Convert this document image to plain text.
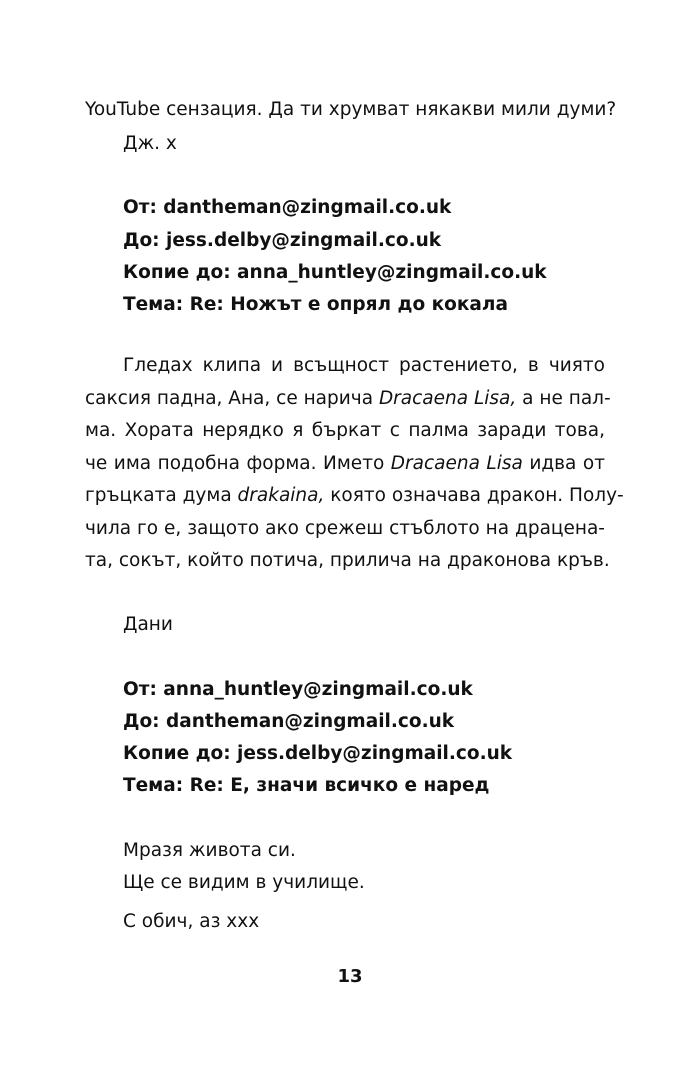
YouTube сензация. Да ти хрумват някакви мили думи?
Дж. х
От: dantheman@zingmail.co.uk
До: jess.delby@zingmail.co.uk
Копие до: anna_huntley@zingmail.co.uk
Тема: Re: Ножът е опрял до кокала
Гледах клипа и всъщност растението, в чиято
саксия падна, Ана, се нарича Dracaena Lisa, а не пал-
ма. Хората нерядко я бъркат с палма заради това,
че има подобна форма. Името Dracaena Lisa идва от
гръцката дума drakaina, която означава дракон. Полу-
чила го е, защото ако срежеш стъблото на драцена-
та, сокът, който потича, прилича на драконова кръв.
Дани
От: anna_huntley@zingmail.co.uk
До: dantheman@zingmail.co.uk
Копие до: jess.delby@zingmail.co.uk
Тема: Re: Е, значи всичко е наред
Мразя живота си.
Ще се видим в училище.
С обич, аз ххх
13
